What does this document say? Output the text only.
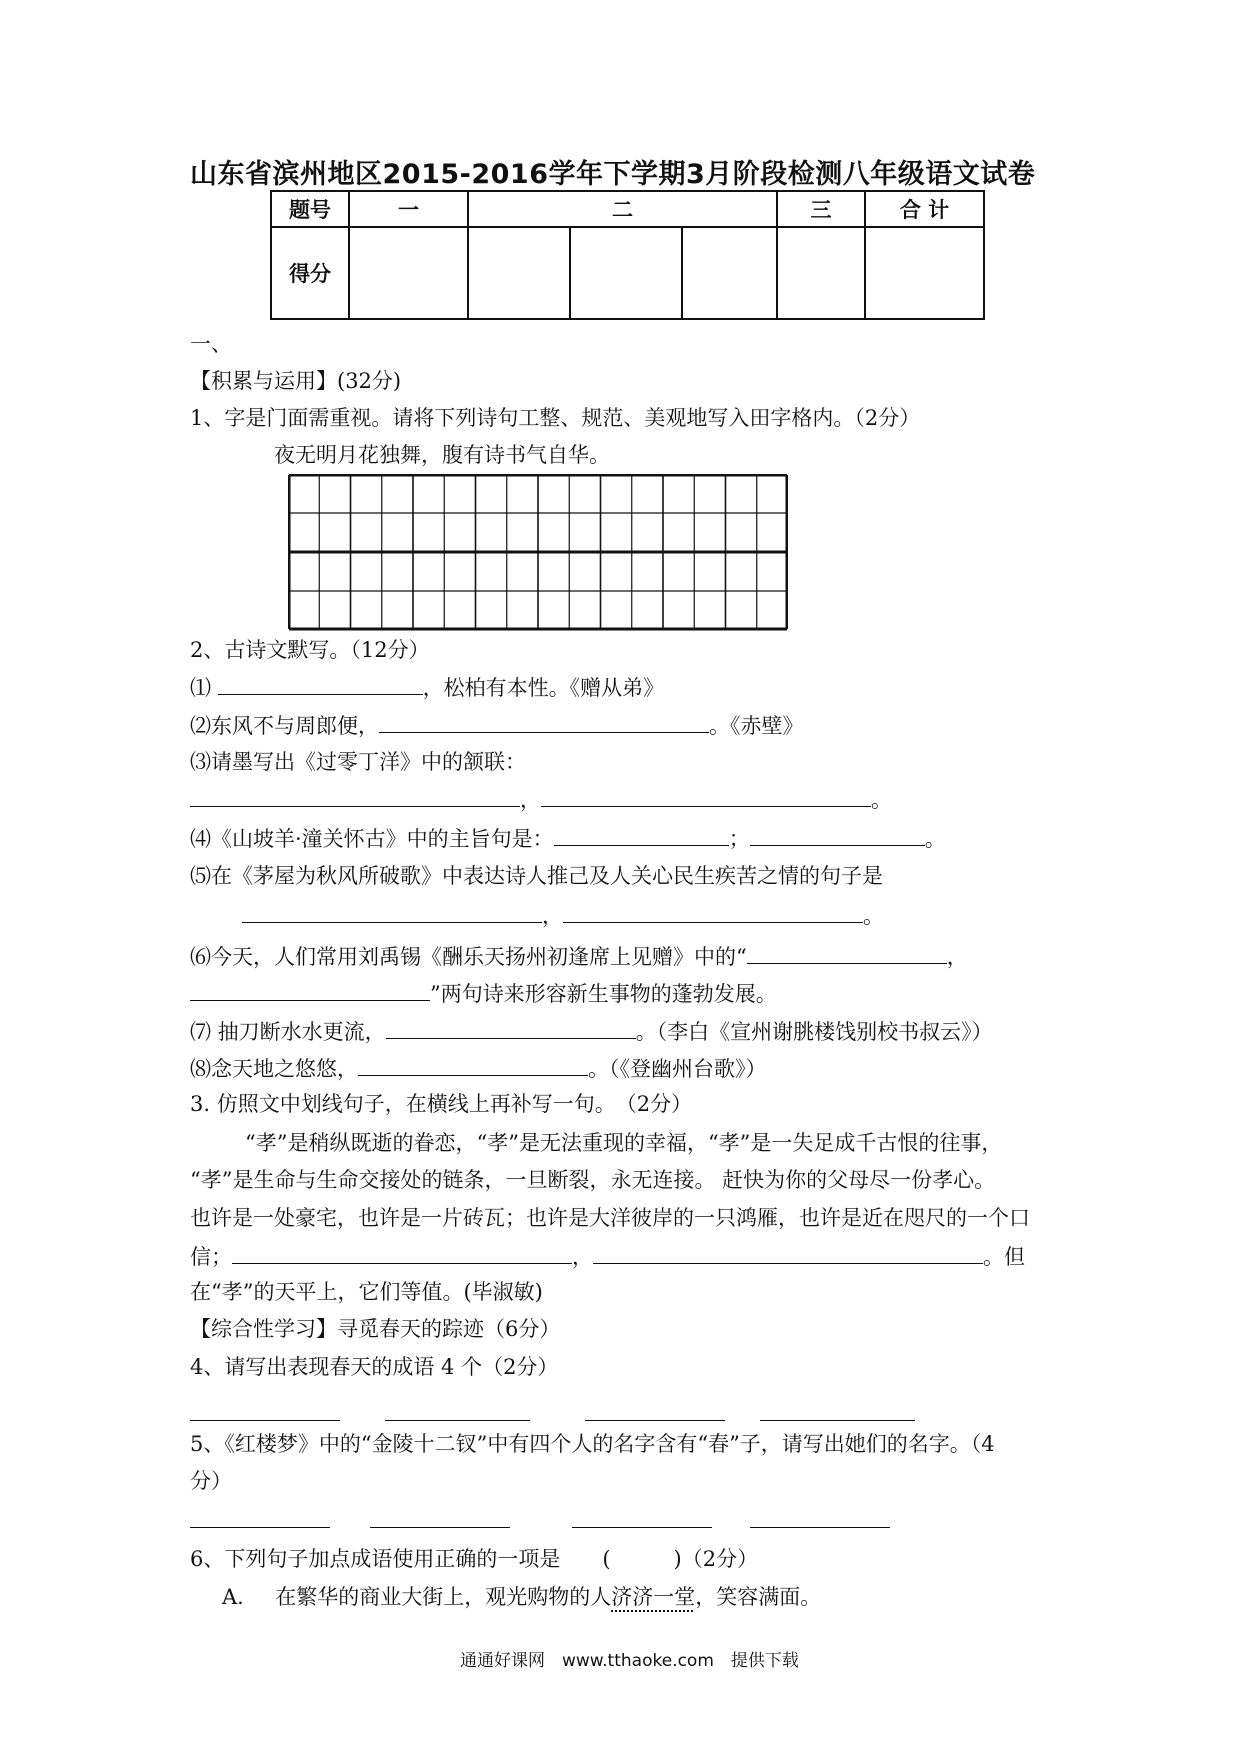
山东省滨州地区2015-2016学年下学期3月阶段检测八年级语文试卷
题号	一	二			三	合 计
得分						
一、
【积累与运用】(32分)
1、字是门面需重视。请将下列诗句工整、规范、美观地写入田字格内。（2分）
夜无明月花独舞，腹有诗书气自华。
2、古诗文默写。（12分）
⑴	，松柏有本性。《赠从弟》
⑵东风不与周郎便，	。《赤壁》
⑶请墨写出《过零丁洋》中的颔联：
，	。
⑷《山坡羊·潼关怀古》中的主旨句是：	；	。
⑸在《茅屋为秋风所破歌》中表达诗人推己及人关心民生疾苦之情的句子是
，	。
⑹今天，人们常用刘禹锡《酬乐天扬州初逢席上见赠》中的“	，
”两句诗来形容新生事物的蓬勃发展。
⑺ 抽刀断水水更流，	。（李白《宣州谢朓楼饯别校书叔云》）
⑻念天地之悠悠，	。（《登幽州台歌》）
3. 仿照文中划线句子，在横线上再补写一句。　（2分）
“孝”是稍纵既逝的眷恋，“孝”是无法重现的幸福，“孝”是一失足成千古恨的往事，
“孝”是生命与生命交接处的链条，一旦断裂，永无连接。 赶快为你的父母尽一份孝心。
也许是一处豪宅，也许是一片砖瓦；也许是大洋彼岸的一只鸿雁，也许是近在咫尺的一个口
信；	，	。但
在“孝”的天平上，它们等值。(毕淑敏)
【综合性学习】寻觅春天的踪迹（6分）
4、请写出表现春天的成语 4 个（2分）
5、《红楼梦》中的“金陵十二钗”中有四个人的名字含有“春”子，请写出她们的名字。（4
分）
6、下列句子加点成语使用正确的一项是　　(　　　)（2分）
A. 在繁华的商业大街上，观光购物的人济济一堂，笑容满面。
通通好课网　www.tthaoke.com　提供下载
